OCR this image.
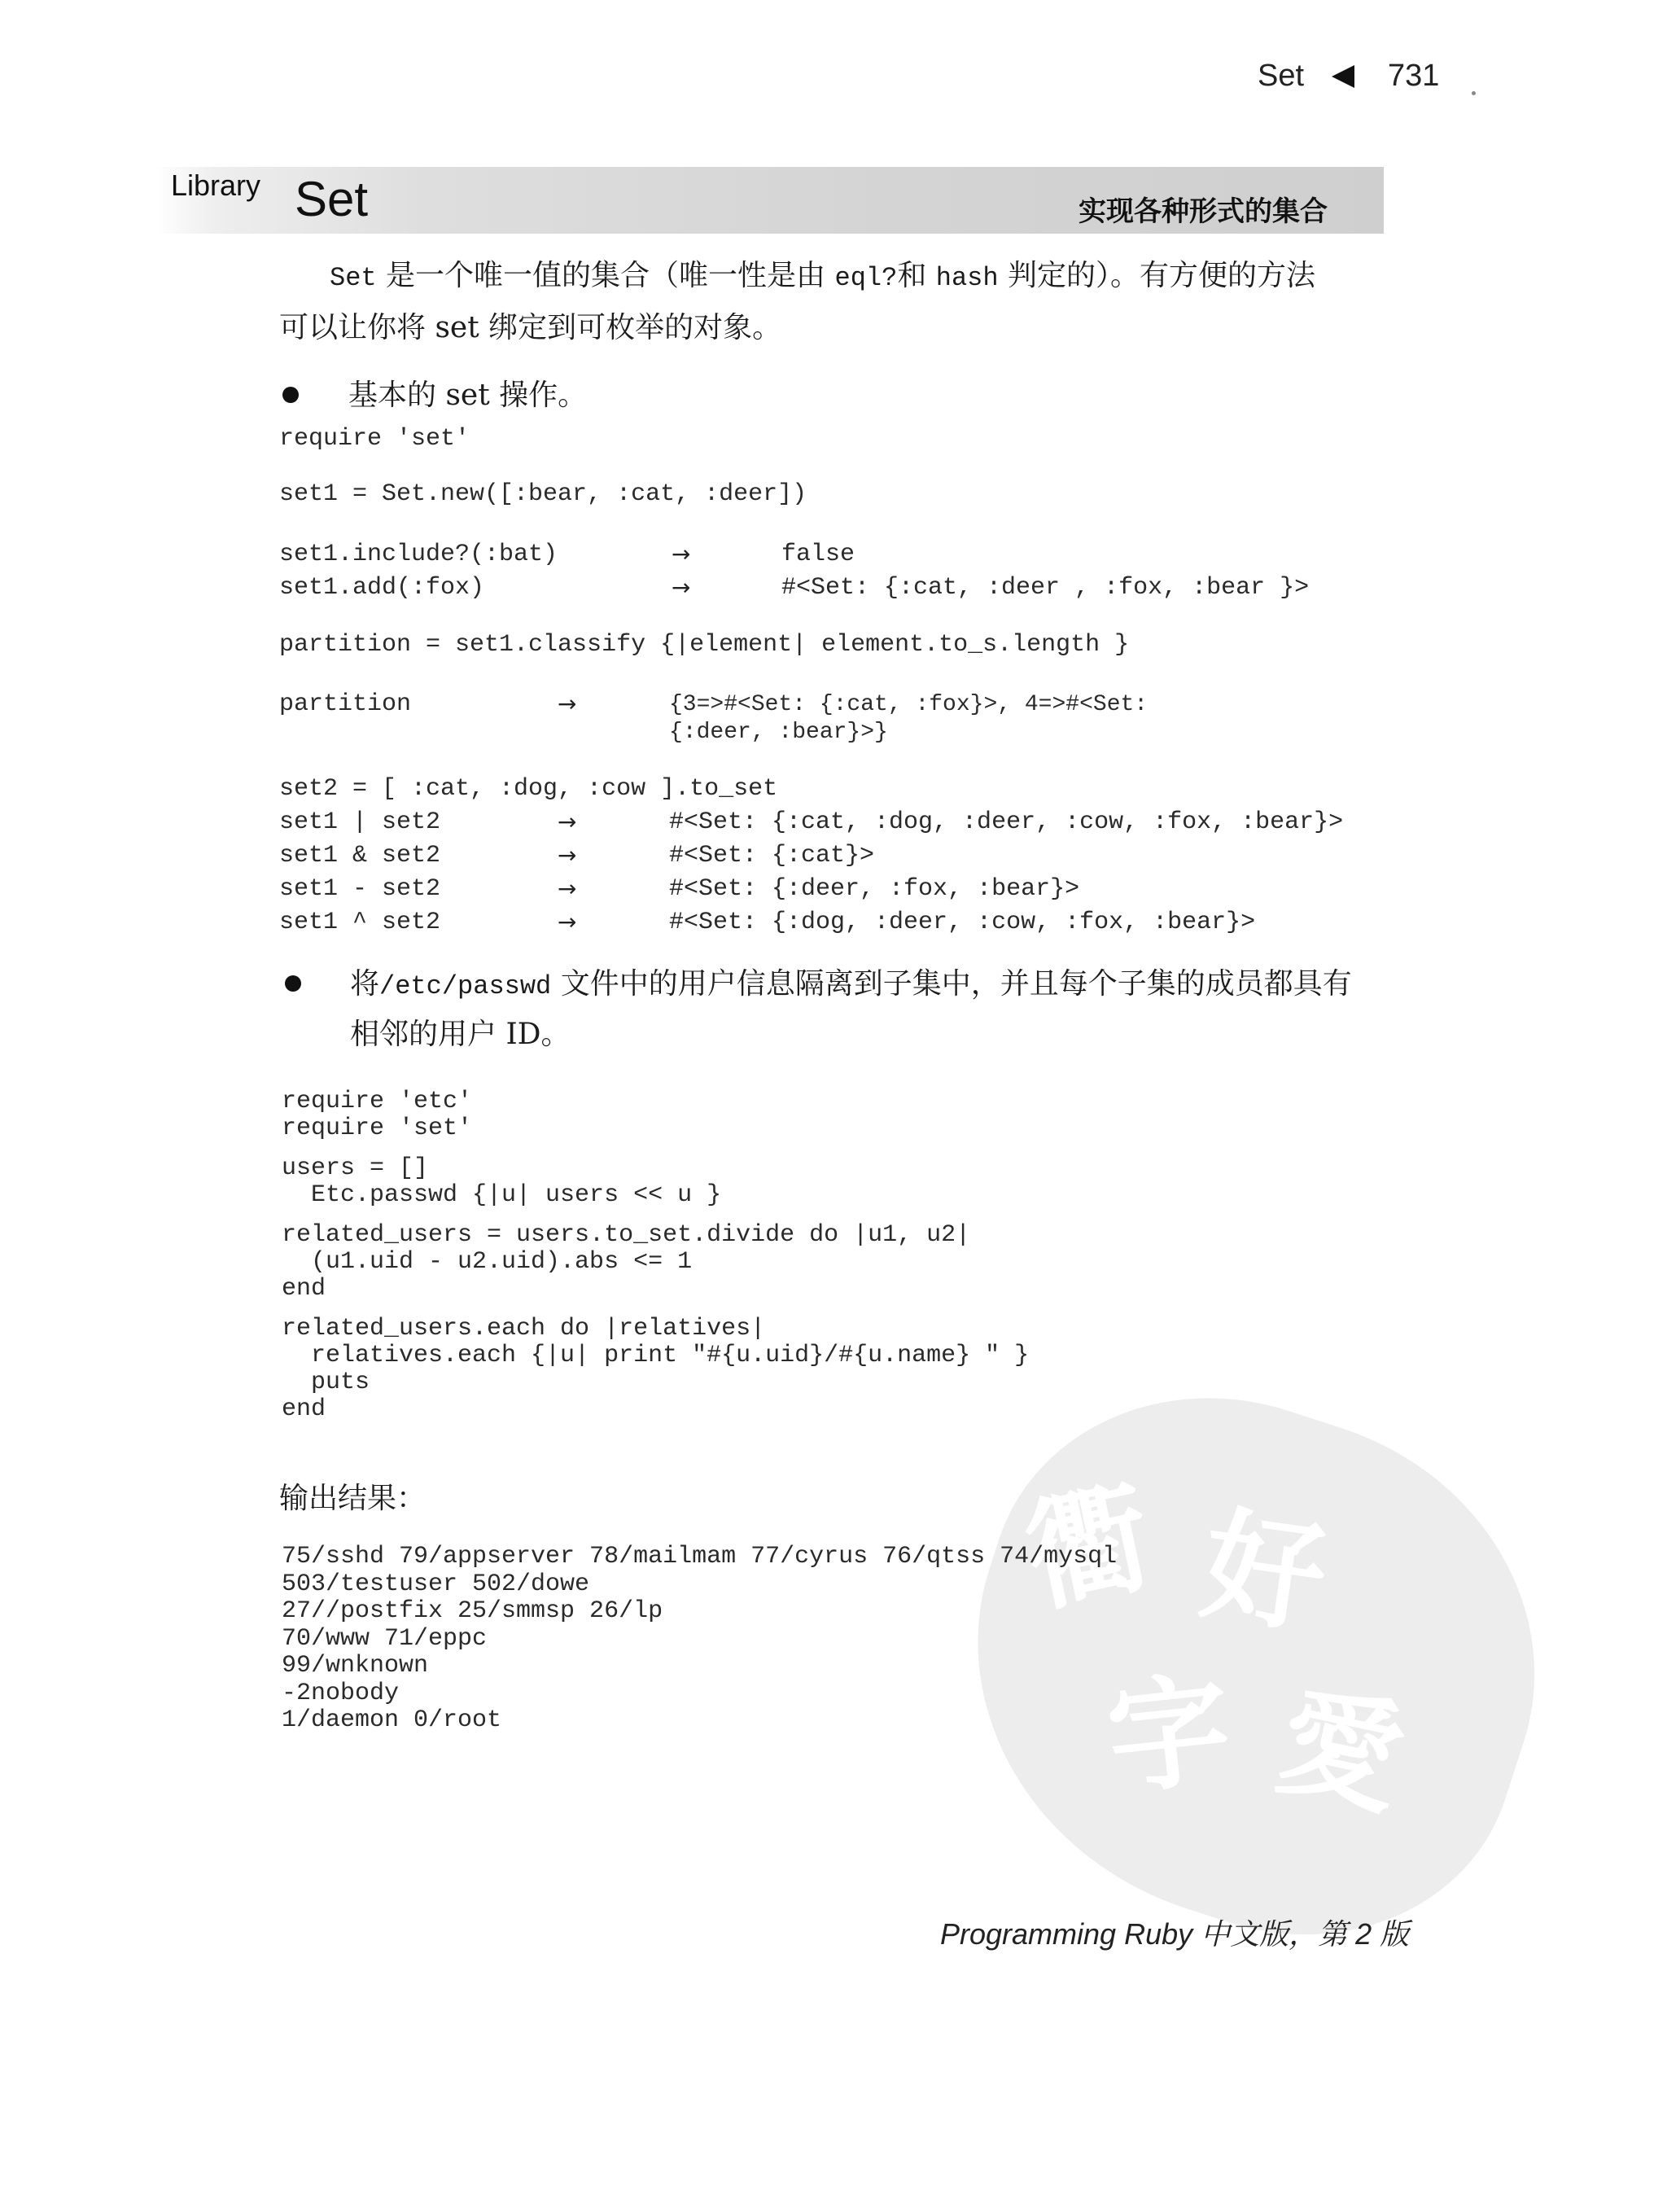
Set	731
Library Set	实现各种形式的集合
Set 是一个唯一值的集合（唯一性是由 eql?和 hash 判定的）。有方便的方法
可以让你将 set 绑定到可枚举的对象。
基本的 set 操作。
require 'set'
set1 = Set.new([:bear, :cat, :deer])
set1.include?(:bat)	→	false
set1.add(:fox)	→	#<Set: {:cat, :deer , :fox, :bear }>
partition = set1.classify {|element| element.to_s.length }
partition	→	{3=>#<Set: {:cat, :fox}>, 4=>#<Set:
{:deer, :bear}>}
set2 = [ :cat, :dog, :cow ].to_set
set1 | set2	→	#<Set: {:cat, :dog, :deer, :cow, :fox, :bear}>
set1 & set2	→	#<Set: {:cat}>
set1 - set2	→	#<Set: {:deer, :fox, :bear}>
set1 ^ set2	→	#<Set: {:dog, :deer, :cow, :fox, :bear}>
将/etc/passwd 文件中的用户信息隔离到子集中，并且每个子集的成员都具有
相邻的用户 ID。
require 'etc'
require 'set'
users = []
Etc.passwd {|u| users << u }
related_users = users.to_set.divide do |u1, u2|
(u1.uid - u2.uid).abs <= 1
end
related_users.each do |relatives|
relatives.each {|u| print "#{u.uid}/#{u.name} " }
puts
end
衢 好
字 愛
输出结果：
75/sshd 79/appserver 78/mailmam 77/cyrus 76/qtss 74/mysql
503/testuser 502/dowe
27//postfix 25/smmsp 26/lp
70/www 71/eppc
99/wnknown
-2nobody
1/daemon 0/root
Programming Ruby 中文版，第 2 版
